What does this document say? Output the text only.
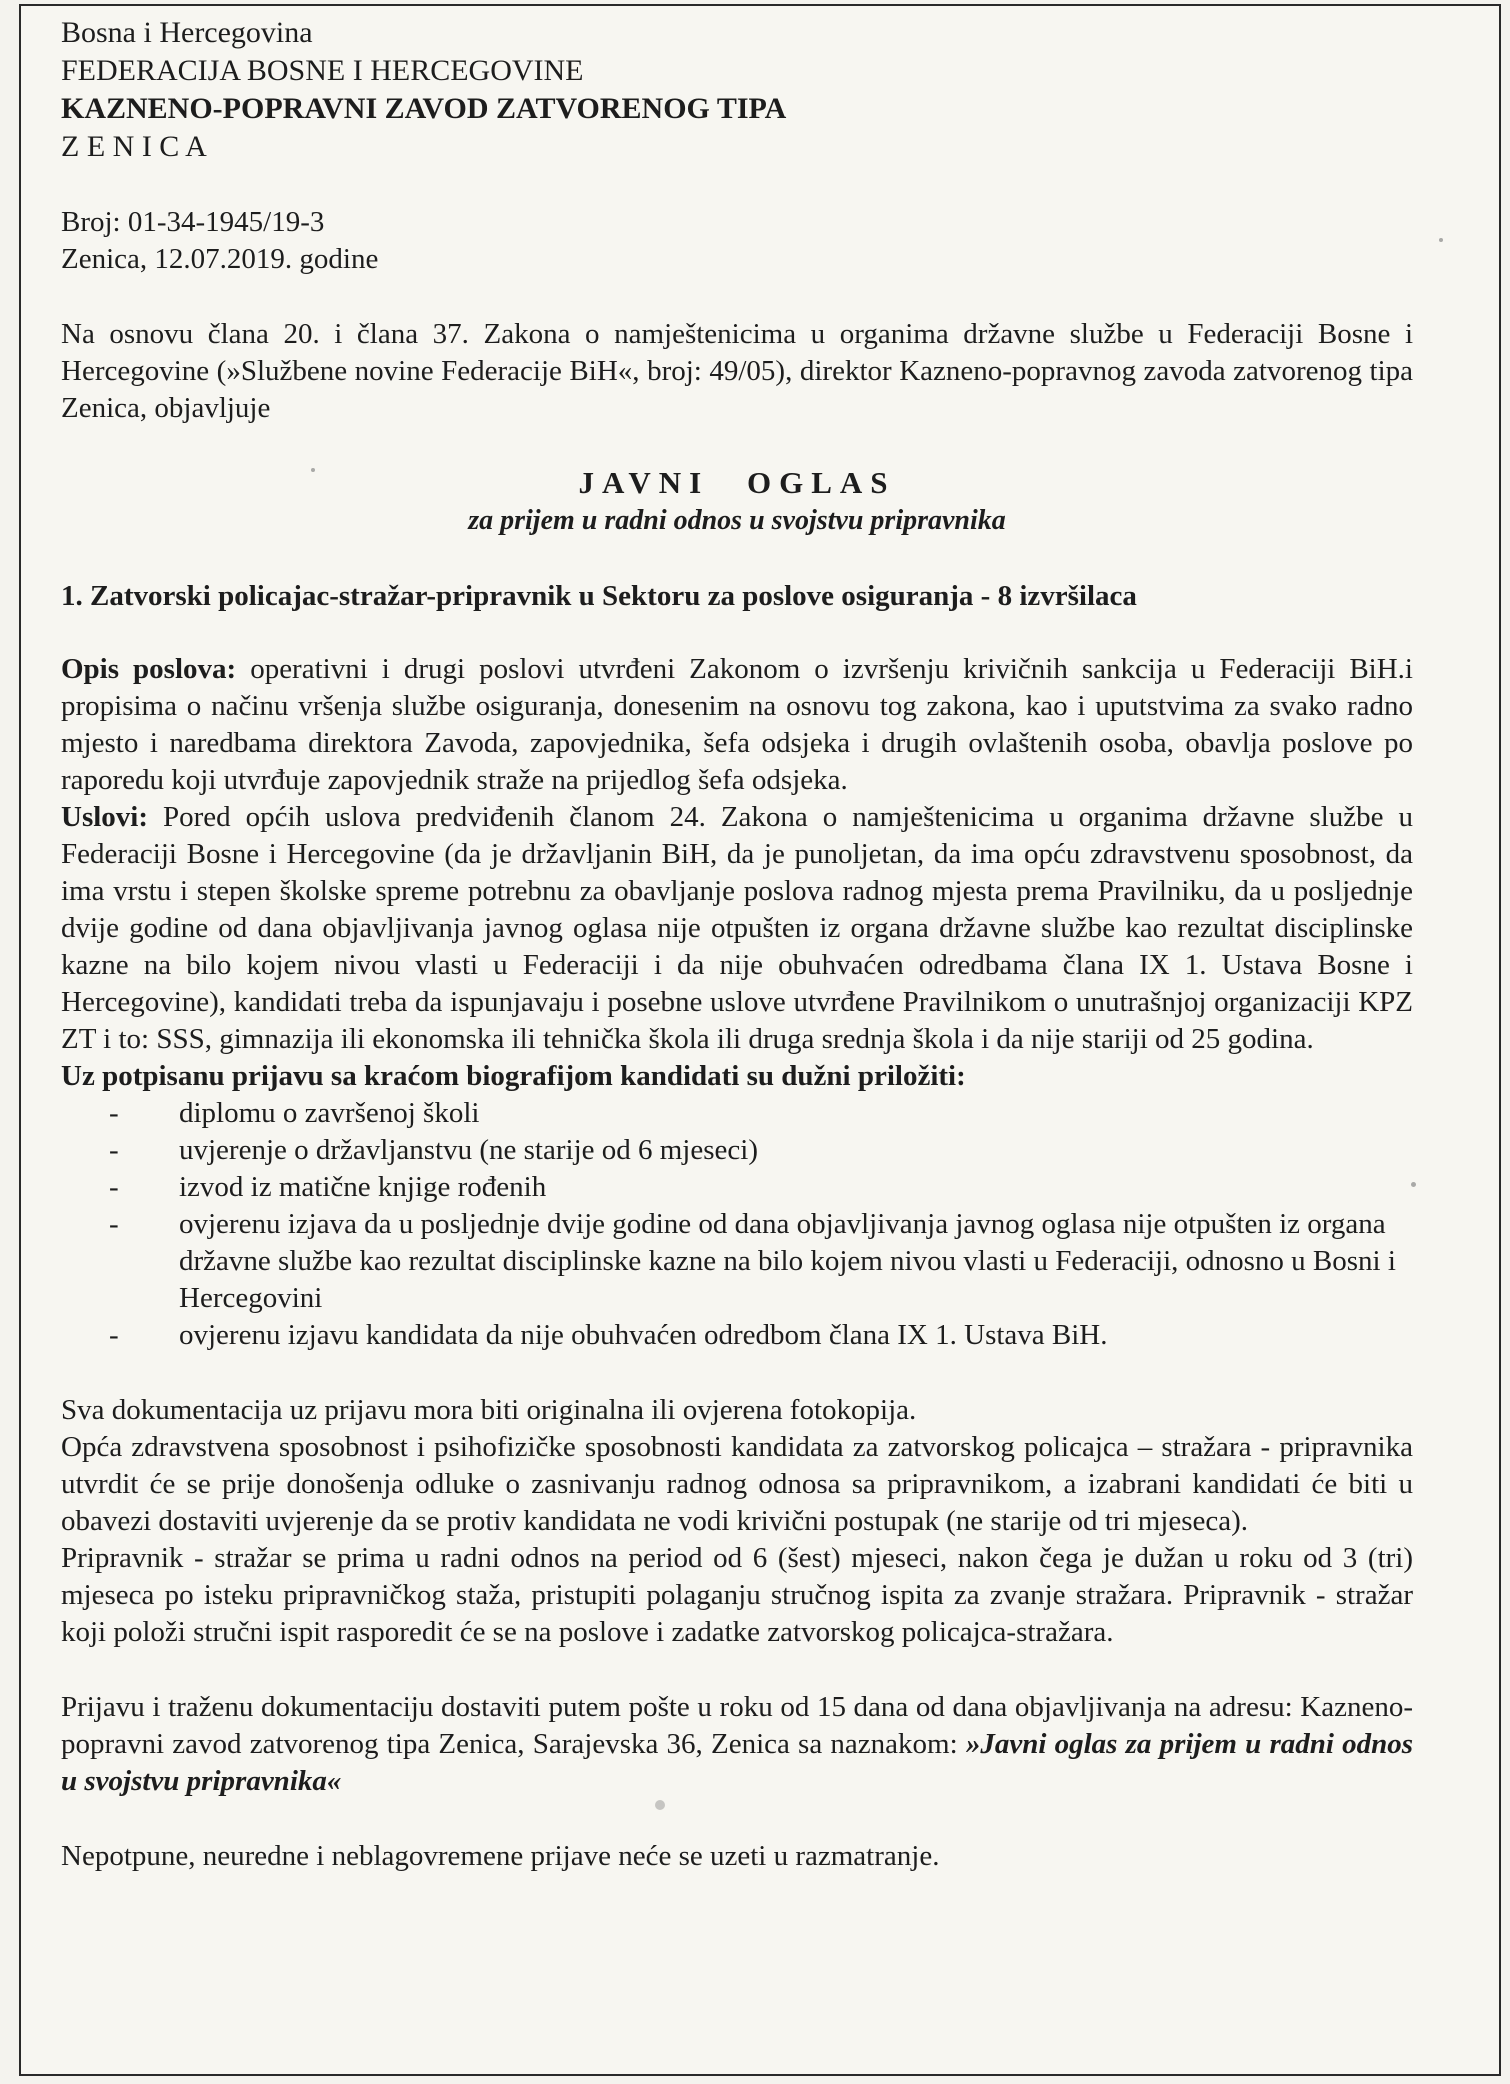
Bosna i Hercegovina
FEDERACIJA BOSNE I HERCEGOVINE
KAZNENO-POPRAVNI ZAVOD ZATVORENOG TIPA
Z E N I C A
Broj: 01-34-1945/19-3
Zenica, 12.07.2019. godine
Na osnovu člana 20. i člana 37. Zakona o namještenicima u organima državne službe u Federaciji Bosne i Hercegovine (»Službene novine Federacije BiH«, broj: 49/05), direktor Kazneno-popravnog zavoda zatvorenog tipa Zenica, objavljuje
JAVNI OGLAS
za prijem u radni odnos u svojstvu pripravnika
1. Zatvorski policajac-stražar-pripravnik u Sektoru za poslove osiguranja - 8 izvršilaca
Opis poslova: operativni i drugi poslovi utvrđeni Zakonom o izvršenju krivičnih sankcija u Federaciji BiH.i propisima o načinu vršenja službe osiguranja, donesenim na osnovu tog zakona, kao i uputstvima za svako radno mjesto i naredbama direktora Zavoda, zapovjednika, šefa odsjeka i drugih ovlaštenih osoba, obavlja poslove po raporedu koji utvrđuje zapovjednik straže na prijedlog šefa odsjeka.
Uslovi: Pored općih uslova predviđenih članom 24. Zakona o namještenicima u organima državne službe u Federaciji Bosne i Hercegovine (da je državljanin BiH, da je punoljetan, da ima opću zdravstvenu sposobnost, da ima vrstu i stepen školske spreme potrebnu za obavljanje poslova radnog mjesta prema Pravilniku, da u posljednje dvije godine od dana objavljivanja javnog oglasa nije otpušten iz organa državne službe kao rezultat disciplinske kazne na bilo kojem nivou vlasti u Federaciji i da nije obuhvaćen odredbama člana IX 1. Ustava Bosne i Hercegovine), kandidati treba da ispunjavaju i posebne uslove utvrđene Pravilnikom o unutrašnjoj organizaciji KPZ ZT i to: SSS, gimnazija ili ekonomska ili tehnička škola ili druga srednja škola i da nije stariji od 25 godina.
Uz potpisanu prijavu sa kraćom biografijom kandidati su dužni priložiti:
- diplomu o završenoj školi
- uvjerenje o državljanstvu (ne starije od 6 mjeseci)
- izvod iz matične knjige rođenih
- ovjerenu izjava da u posljednje dvije godine od dana objavljivanja javnog oglasa nije otpušten iz organa državne službe kao rezultat disciplinske kazne na bilo kojem nivou vlasti u Federaciji, odnosno u Bosni i Hercegovini
- ovjerenu izjavu kandidata da nije obuhvaćen odredbom člana IX 1. Ustava BiH.
Sva dokumentacija uz prijavu mora biti originalna ili ovjerena fotokopija.
Opća zdravstvena sposobnost i psihofizičke sposobnosti kandidata za zatvorskog policajca – stražara - pripravnika utvrdit će se prije donošenja odluke o zasnivanju radnog odnosa sa pripravnikom, a izabrani kandidati će biti u obavezi dostaviti uvjerenje da se protiv kandidata ne vodi krivični postupak (ne starije od tri mjeseca).
Pripravnik - stražar se prima u radni odnos na period od 6 (šest) mjeseci, nakon čega je dužan u roku od 3 (tri) mjeseca po isteku pripravničkog staža, pristupiti polaganju stručnog ispita za zvanje stražara. Pripravnik - stražar koji položi stručni ispit rasporedit će se na poslove i zadatke zatvorskog policajca-stražara.
Prijavu i traženu dokumentaciju dostaviti putem pošte u roku od 15 dana od dana objavljivanja na adresu: Kazneno-popravni zavod zatvorenog tipa Zenica, Sarajevska 36, Zenica sa naznakom: »Javni oglas za prijem u radni odnos u svojstvu pripravnika«
Nepotpune, neuredne i neblagovremene prijave neće se uzeti u razmatranje.
